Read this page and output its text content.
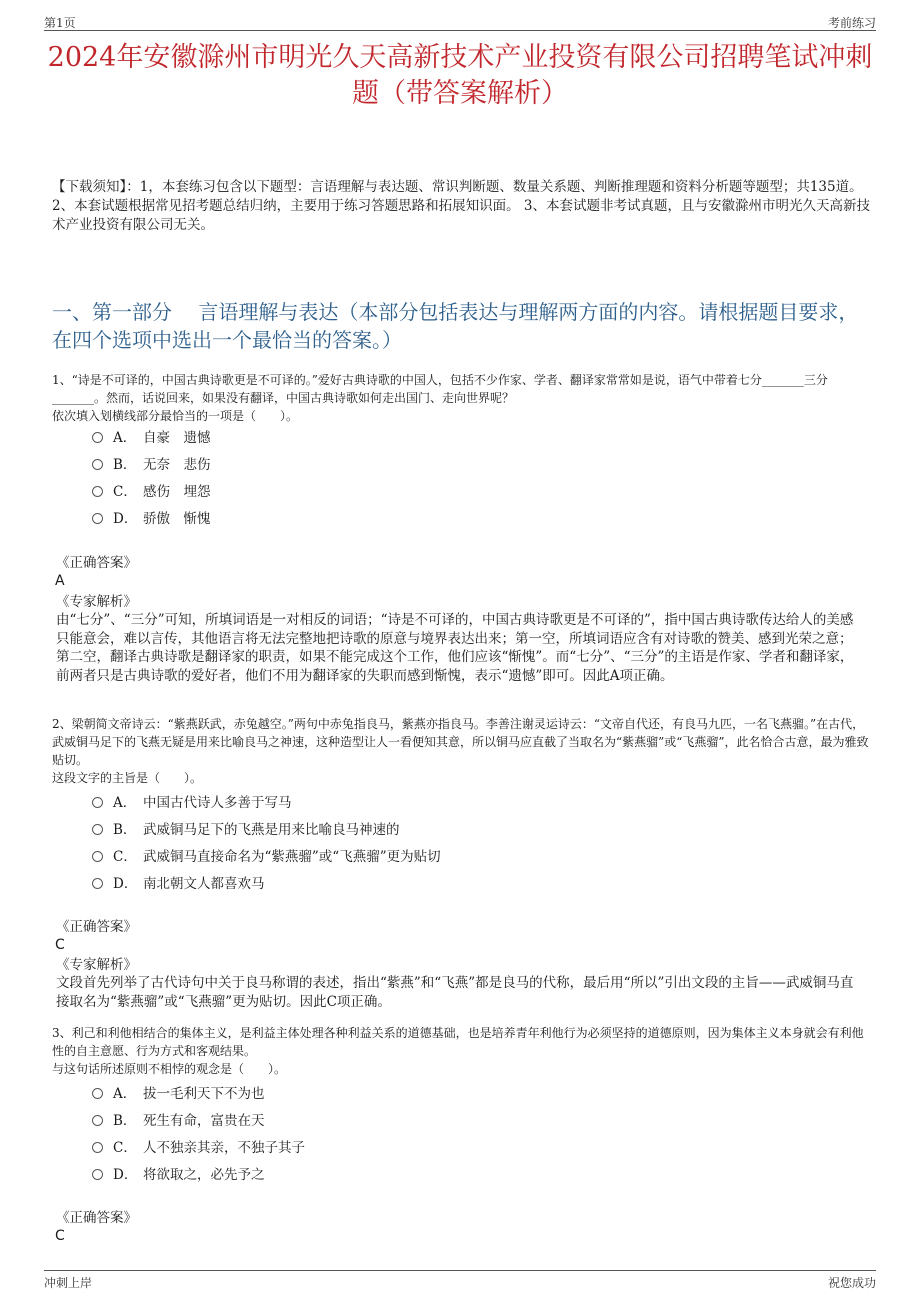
第1页	考前练习
2024年安徽滁州市明光久天高新技术产业投资有限公司招聘笔试冲刺题（带答案解析）
【下载须知】：1，本套练习包含以下题型：言语理解与表达题、常识判断题、数量关系题、判断推理题和资料分析题等题型；共135道。 2、本套试题根据常见招考题总结归纳，主要用于练习答题思路和拓展知识面。 3、本套试题非考试真题，且与安徽滁州市明光久天高新技术产业投资有限公司无关。
一、第一部分　 言语理解与表达（本部分包括表达与理解两方面的内容。请根据题目要求，在四个选项中选出一个最恰当的答案。）
1、“诗是不可译的，中国古典诗歌更是不可译的。”爱好古典诗歌的中国人，包括不少作家、学者、翻译家常常如是说，语气中带着七分_______三分_______。然而，话说回来，如果没有翻译，中国古典诗歌如何走出国门、走向世界呢？
依次填入划横线部分最恰当的一项是（　　）。
A． 自豪　遗憾
B． 无奈　悲伤
C． 感伤　埋怨
D． 骄傲　惭愧
《正确答案》
A
《专家解析》
由“七分”、“三分”可知，所填词语是一对相反的词语；“诗是不可译的，中国古典诗歌更是不可译的”，指中国古典诗歌传达给人的美感只能意会，难以言传，其他语言将无法完整地把诗歌的原意与境界表达出来；第一空，所填词语应含有对诗歌的赞美、感到光荣之意；第二空，翻译古典诗歌是翻译家的职责，如果不能完成这个工作，他们应该“惭愧”。而“七分”、“三分”的主语是作家、学者和翻译家，前两者只是古典诗歌的爱好者，他们不用为翻译家的失职而感到惭愧，表示“遗憾”即可。因此A项正确。
2、梁朝简文帝诗云：“紫燕跃武，赤兔越空。”两句中赤兔指良马，紫燕亦指良马。李善注谢灵运诗云：“文帝自代还，有良马九匹，一名飞燕骝。”在古代，武威铜马足下的飞燕无疑是用来比喻良马之神速，这种造型让人一看便知其意，所以铜马应直截了当取名为“紫燕骝”或“飞燕骝”，此名恰合古意，最为雅致贴切。
这段文字的主旨是（　　）。
A． 中国古代诗人多善于写马
B． 武威铜马足下的飞燕是用来比喻良马神速的
C． 武威铜马直接命名为“紫燕骝”或“飞燕骝”更为贴切
D． 南北朝文人都喜欢马
《正确答案》
C
《专家解析》
文段首先列举了古代诗句中关于良马称谓的表述，指出“紫燕”和“飞燕”都是良马的代称，最后用“所以”引出文段的主旨——武威铜马直接取名为“紫燕骝”或“飞燕骝”更为贴切。因此C项正确。
3、利己和利他相结合的集体主义，是利益主体处理各种利益关系的道德基础，也是培养青年利他行为必须坚持的道德原则，因为集体主义本身就会有利他性的自主意愿、行为方式和客观结果。
与这句话所述原则不相悖的观念是（　　）。
A． 拔一毛利天下不为也
B． 死生有命，富贵在天
C． 人不独亲其亲，不独子其子
D． 将欲取之，必先予之
《正确答案》
C
冲刺上岸	祝您成功
